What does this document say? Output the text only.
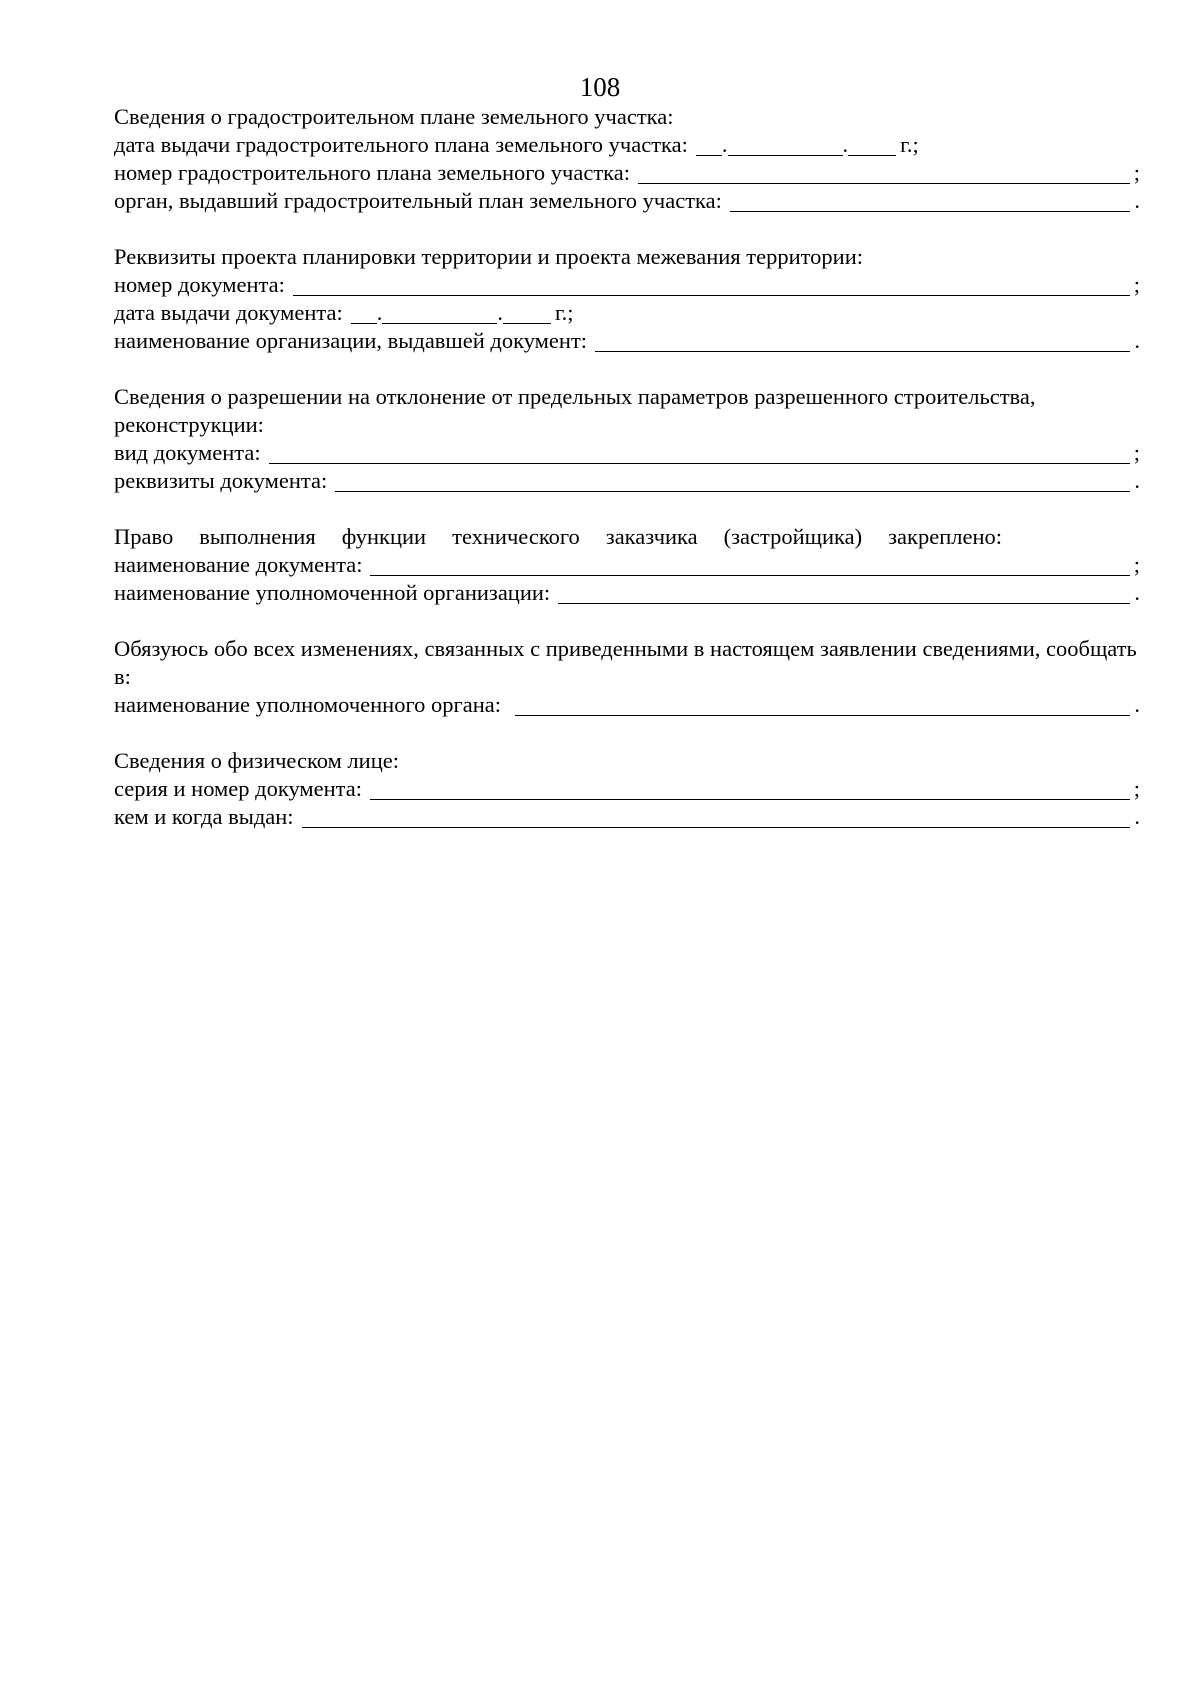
108
Сведения о градостроительном плане земельного участка:
дата выдачи градостроительного плана земельного участка:	.	. г.;
номер градостроительного плана земельного участка:	;
орган, выдавший градостроительный план земельного участка:	.
Реквизиты проекта планировки территории и проекта межевания территории:
номер документа:	;
дата выдачи документа:	.	. г.;
наименование организации, выдавшей документ:	.
Сведения о разрешении на отклонение от предельных параметров разрешенного строительства, реконструкции:
вид документа:	;
реквизиты документа:	.
Право выполнения функции технического заказчика (застройщика) закреплено:
наименование документа:	;
наименование уполномоченной организации:	.
Обязуюсь обо всех изменениях, связанных с приведенными в настоящем заявлении сведениями, сообщать в:
наименование уполномоченного органа:	.
Сведения о физическом лице:
серия и номер документа:	;
кем и когда выдан:	.
